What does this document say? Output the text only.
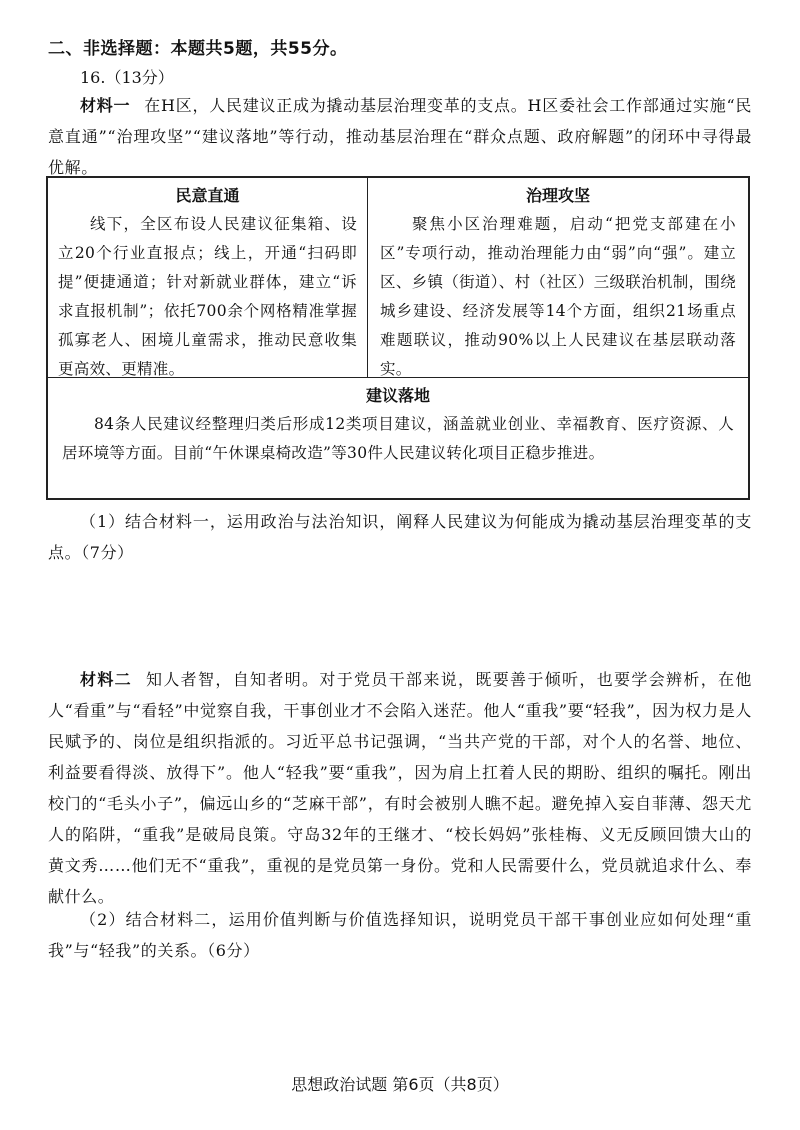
二、非选择题：本题共5题，共55分。
16.（13分）

材料一 在H区，人民建议正成为撬动基层治理变革的支点。H区委社会工作部通过实施“民意直通”“治理攻坚”“建议落地”等行动，推动基层治理在“群众点题、政府解题”的闭环中寻得最优解。

民意直通

线下，全区布设人民建议征集箱、设立20个行业直报点；线上，开通“扫码即提”便捷通道；针对新就业群体，建立“诉求直报机制”；依托700余个网格精准掌握孤寡老人、困境儿童需求，推动民意收集更高效、更精准。

治理攻坚

聚焦小区治理难题，启动“把党支部建在小区”专项行动，推动治理能力由“弱”向“强”。建立区、乡镇（街道）、村（社区）三级联治机制，围绕城乡建设、经济发展等14个方面，组织21场重点难题联议，推动90%以上人民建议在基层联动落实。

建议落地

84条人民建议经整理归类后形成12类项目建议，涵盖就业创业、幸福教育、医疗资源、人居环境等方面。目前“午休课桌椅改造”等30件人民建议转化项目正稳步推进。

（1）结合材料一，运用政治与法治知识，阐释人民建议为何能成为撬动基层治理变革的支点。（7分）

材料二 知人者智，自知者明。对于党员干部来说，既要善于倾听，也要学会辨析，在他人“看重”与“看轻”中觉察自我，干事创业才不会陷入迷茫。他人“重我”要“轻我”，因为权力是人民赋予的、岗位是组织指派的。习近平总书记强调，“当共产党的干部，对个人的名誉、地位、利益要看得淡、放得下”。他人“轻我”要“重我”，因为肩上扛着人民的期盼、组织的嘱托。刚出校门的“毛头小子”，偏远山乡的“芝麻干部”，有时会被别人瞧不起。避免掉入妄自菲薄、怨天尤人的陷阱，“重我”是破局良策。守岛32年的王继才、“校长妈妈”张桂梅、义无反顾回馈大山的黄文秀……他们无不“重我”，重视的是党员第一身份。党和人民需要什么，党员就追求什么、奉献什么。

（2）结合材料二，运用价值判断与价值选择知识，说明党员干部干事创业应如何处理“重我”与“轻我”的关系。（6分）

思想政治试题 第6页（共8页）
